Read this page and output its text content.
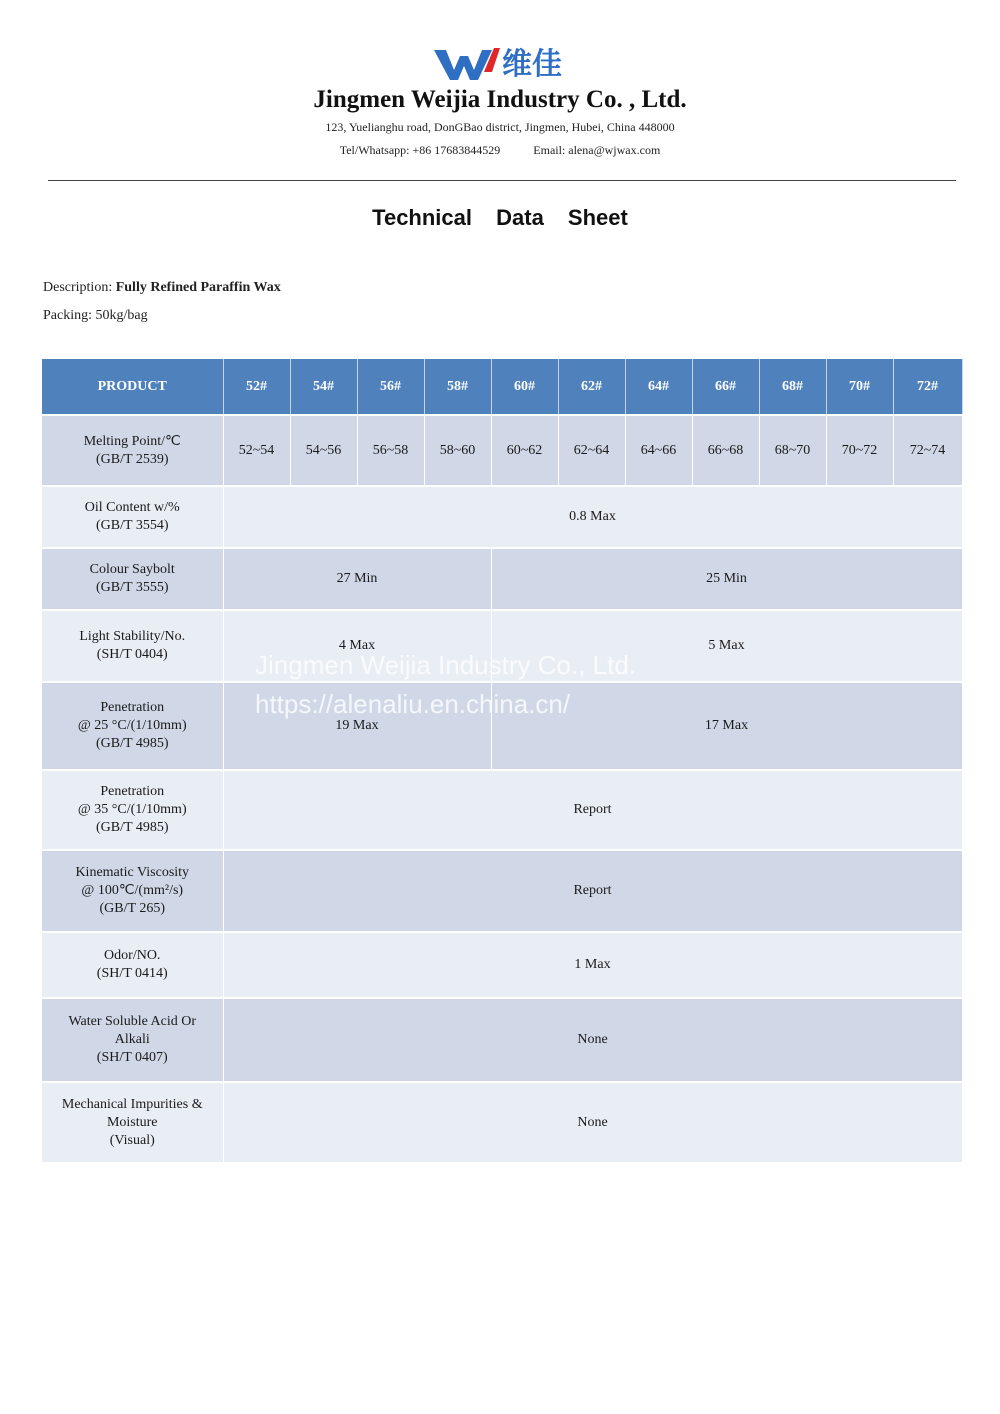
维佳
Jingmen Weijia Industry Co. , Ltd.
123, Yuelianghu road, DonGBao district, Jingmen, Hubei, China 448000
Tel/Whatsapp: +86 17683844529	Email: alena@wjwax.com
Technical Data Sheet
Description: Fully Refined Paraffin Wax
Packing: 50kg/bag
PRODUCT	52#	54#	56#	58#	60#	62#	64#	66#	68#	70#	72#

Melting Point/℃
(GB/T 2539)	52~54	54~56	56~58	58~60	60~62	62~64	64~66	66~68	68~70	70~72	72~74

Oil Content w/%
(GB/T 3554)	0.8 Max										

Colour Saybolt
(GB/T 3555)	27 Min				25 Min						

Light Stability/No.
(SH/T 0404)	4 Max				5 Max						

Penetration
@ 25 °C/(1/10mm)
(GB/T 4985)	19 Max				17 Max						

Penetration
@ 35 °C/(1/10mm)
(GB/T 4985)	Report										

Kinematic Viscosity
@ 100℃/(mm²/s)
(GB/T 265)	Report										

Odor/NO.
(SH/T 0414)	1 Max										

Water Soluble Acid Or
Alkali
(SH/T 0407)	None										

Mechanical Impurities &
Moisture
(Visual)	None										
Jingmen Weijia Industry Co., Ltd.
https://alenaliu.en.china.cn/
